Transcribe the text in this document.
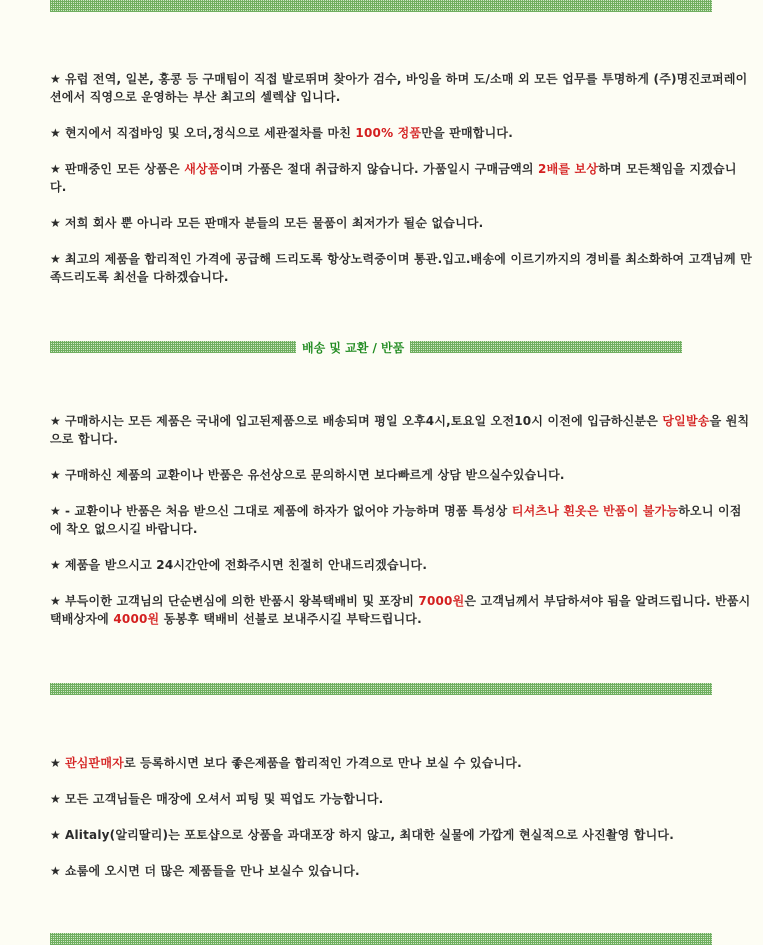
★ 유럽 전역, 일본, 홍콩 등 구매팀이 직접 발로뛰며 찾아가 검수, 바잉을 하며 도/소매 외 모든 업무를 투명하게 (주)명진코퍼레이션에서 직영으로 운영하는 부산 최고의 셀렉샵 입니다.

★ 현지에서 직접바잉 및 오더,정식으로 세관절차를 마친 100% 정품만을 판매합니다.

★ 판매중인 모든 상품은 새상품이며 가품은 절대 취급하지 않습니다. 가품일시 구매금액의 2배를 보상하며 모든책임을 지겠습니다.

★ 저희 회사 뿐 아니라 모든 판매자 분들의 모든 물품이 최저가가 될순 없습니다.

★ 최고의 제품을 합리적인 가격에 공급해 드리도록 항상노력중이며 통관.입고.배송에 이르기까지의 경비를 최소화하여 고객님께 만족드리도록 최선을 다하겠습니다.

배송 및 교환 / 반품

★ 구매하시는 모든 제품은 국내에 입고된제품으로 배송되며 평일 오후4시,토요일 오전10시 이전에 입금하신분은 당일발송을 원칙으로 합니다.

★ 구매하신 제품의 교환이나 반품은 유선상으로 문의하시면 보다빠르게 상담 받으실수있습니다.

★ - 교환이나 반품은 처음 받으신 그대로 제품에 하자가 없어야 가능하며 명품 특성상 티셔츠나 흰옷은 반품이 불가능하오니 이점에 착오 없으시길 바랍니다.

★ 제품을 받으시고 24시간안에 전화주시면 친절히 안내드리겠습니다.

★ 부득이한 고객님의 단순변심에 의한 반품시 왕복택배비 및 포장비 7000원은 고객님께서 부담하셔야 됨을 알려드립니다. 반품시 택배상자에 4000원 동봉후 택배비 선불로 보내주시길 부탁드립니다.

★ 관심판매자로 등록하시면 보다 좋은제품을 합리적인 가격으로 만나 보실 수 있습니다.

★ 모든 고객님들은 매장에 오셔서 피팅 및 픽업도 가능합니다.

★ Alitaly(알리딸리)는 포토샵으로 상품을 과대포장 하지 않고, 최대한 실물에 가깝게 현실적으로 사진촬영 합니다.

★ 쇼룸에 오시면 더 많은 제품들을 만나 보실수 있습니다.
